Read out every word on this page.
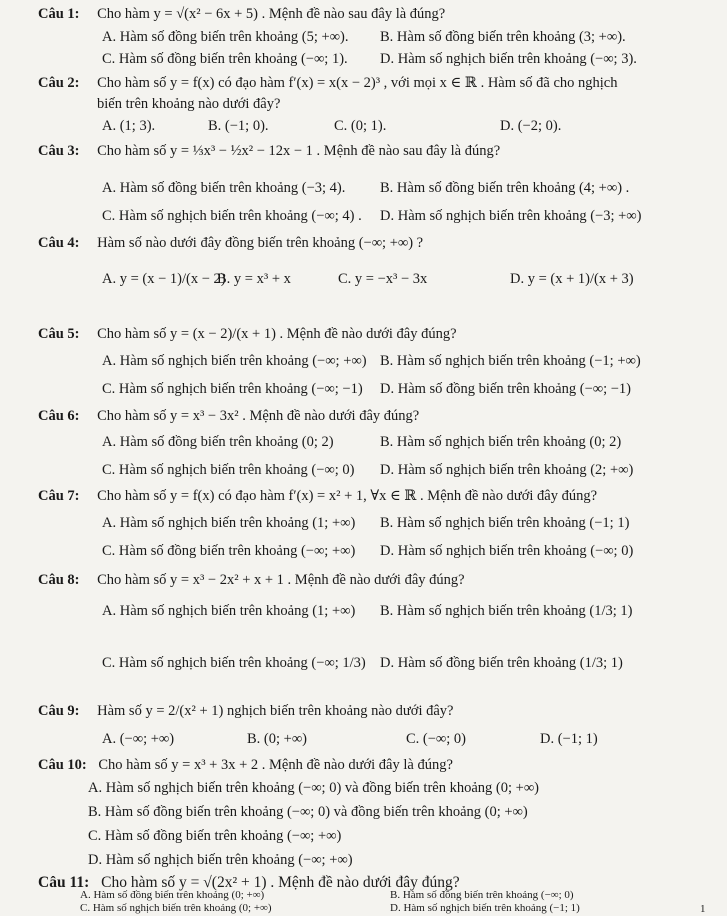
Câu 1: Cho hàm y = √(x² − 6x + 5) . Mệnh đề nào sau đây là đúng?
A. Hàm số đồng biến trên khoảng (5; +∞). B. Hàm số đồng biến trên khoảng (3; +∞).
C. Hàm số đồng biến trên khoảng (−∞; 1). D. Hàm số nghịch biến trên khoảng (−∞; 3).
Câu 2: Cho hàm số y = f(x) có đạo hàm f′(x) = x(x − 2)³ , với mọi x ∈ ℝ . Hàm số đã cho nghịch
biến trên khoảng nào dưới đây?
A. (1; 3).	B. (−1; 0).	C. (0; 1).	D. (−2; 0).
Câu 3: Cho hàm số y = ⅓x³ − ½x² − 12x − 1 . Mệnh đề nào sau đây là đúng?
A. Hàm số đồng biến trên khoảng (−3; 4). B. Hàm số đồng biến trên khoảng (4; +∞) .
C. Hàm số nghịch biến trên khoảng (−∞; 4) . D. Hàm số nghịch biến trên khoảng (−3; +∞)
Câu 4: Hàm số nào dưới đây đồng biến trên khoảng (−∞; +∞) ?
A. y = (x − 1)/(x − 2)
B. y = x³ + x	C. y = −x³ − 3x	D. y = (x + 1)/(x + 3)
Câu 5: Cho hàm số y = (x − 2)/(x + 1) . Mệnh đề nào dưới đây đúng?
A. Hàm số nghịch biến trên khoảng (−∞; +∞) B. Hàm số nghịch biến trên khoảng (−1; +∞)
C. Hàm số nghịch biến trên khoảng (−∞; −1) D. Hàm số đồng biến trên khoảng (−∞; −1)
Câu 6: Cho hàm số y = x³ − 3x² . Mệnh đề nào dưới đây đúng?
A. Hàm số đồng biến trên khoảng (0; 2)	B. Hàm số nghịch biến trên khoảng (0; 2)
C. Hàm số nghịch biến trên khoảng (−∞; 0) D. Hàm số nghịch biến trên khoảng (2; +∞)
Câu 7: Cho hàm số y = f(x) có đạo hàm f′(x) = x² + 1, ∀x ∈ ℝ . Mệnh đề nào dưới đây đúng?
A. Hàm số nghịch biến trên khoảng (1; +∞) B. Hàm số nghịch biến trên khoảng (−1; 1)
C. Hàm số đồng biến trên khoảng (−∞; +∞) D. Hàm số nghịch biến trên khoảng (−∞; 0)
Câu 8: Cho hàm số y = x³ − 2x² + x + 1 . Mệnh đề nào dưới đây đúng?
A. Hàm số nghịch biến trên khoảng (1; +∞) B. Hàm số nghịch biến trên khoảng (1/3; 1)
C. Hàm số nghịch biến trên khoảng (−∞; 1/3) D. Hàm số đồng biến trên khoảng (1/3; 1)
Câu 9: Hàm số y = 2/(x² + 1) nghịch biến trên khoảng nào dưới đây?
A. (−∞; +∞)	B. (0; +∞)	C. (−∞; 0)	D. (−1; 1)
Câu 10: Cho hàm số y = x³ + 3x + 2 . Mệnh đề nào dưới đây là đúng?
A. Hàm số nghịch biến trên khoảng (−∞; 0) và đồng biến trên khoảng (0; +∞)
B. Hàm số đồng biến trên khoảng (−∞; 0) và đồng biến trên khoảng (0; +∞)
C. Hàm số đồng biến trên khoảng (−∞; +∞)
D. Hàm số nghịch biến trên khoảng (−∞; +∞)
Câu 11: Cho hàm số y = √(2x² + 1) . Mệnh đề nào dưới đây đúng?
A. Hàm số đồng biến trên khoảng (0; +∞)	B. Hàm số đồng biến trên khoảng (−∞; 0)
C. Hàm số nghịch biến trên khoảng (0; +∞)	D. Hàm số nghịch biến trên khoảng (−1; 1)	1
